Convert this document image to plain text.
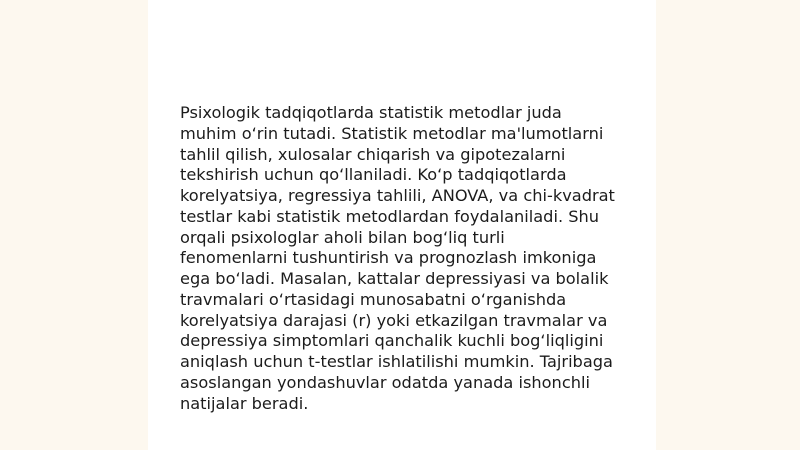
Psixologik tadqiqotlarda statistik metodlar juda
muhim o‘rin tutadi. Statistik metodlar ma'lumotlarni
tahlil qilish, xulosalar chiqarish va gipotezalarni
tekshirish uchun qo‘llaniladi. Ko‘p tadqiqotlarda
korelyatsiya, regressiya tahlili, ANOVA, va chi-kvadrat
testlar kabi statistik metodlardan foydalaniladi. Shu
orqali psixologlar aholi bilan bog‘liq turli
fenomenlarni tushuntirish va prognozlash imkoniga
ega bo‘ladi. Masalan, kattalar depressiyasi va bolalik
travmalari o‘rtasidagi munosabatni o‘rganishda
korelyatsiya darajasi (r) yoki etkazilgan travmalar va
depressiya simptomlari qanchalik kuchli bog‘liqligini
aniqlash uchun t-testlar ishlatilishi mumkin. Tajribaga
asoslangan yondashuvlar odatda yanada ishonchli
natijalar beradi.
